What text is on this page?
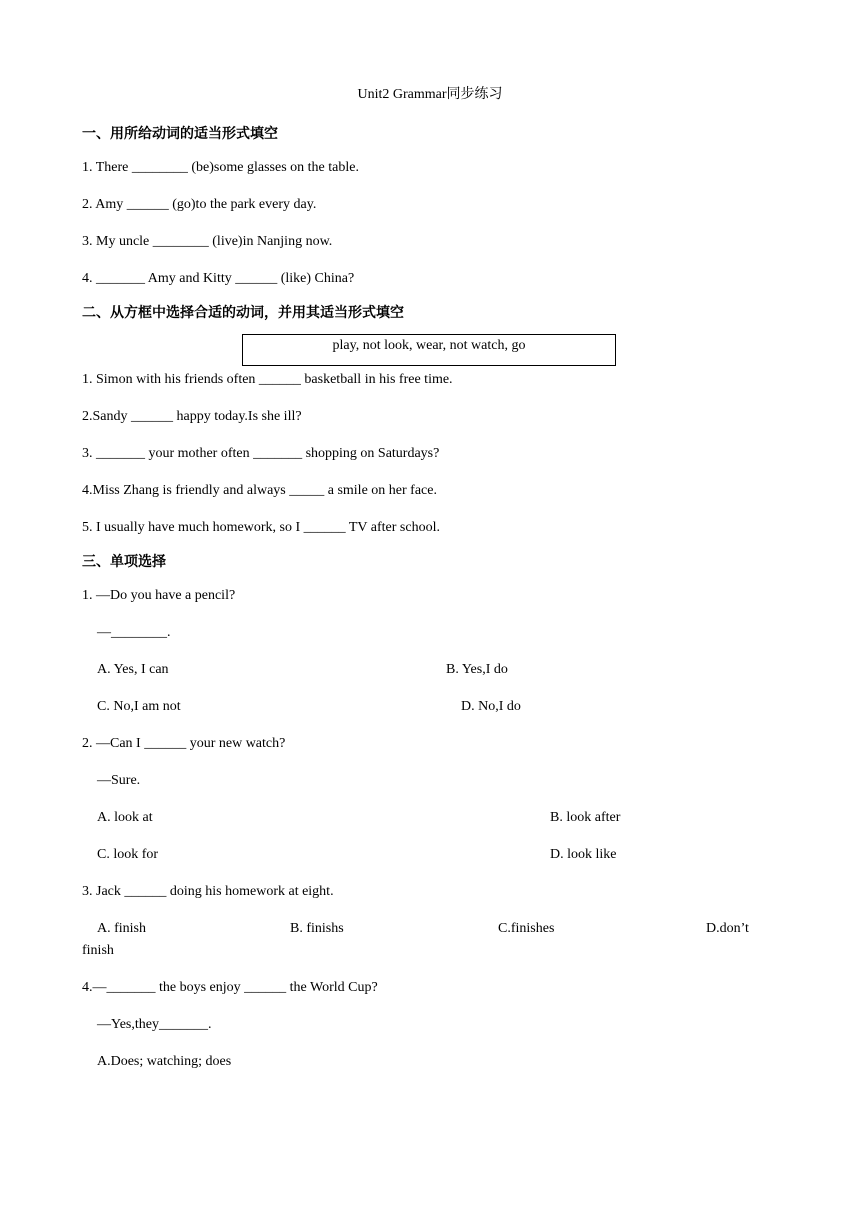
Unit2 Grammar同步练习
一、用所给动词的适当形式填空
1. There ________ (be)some glasses on the table.
2. Amy ______ (go)to the park every day.
3. My uncle ________ (live)in Nanjing now.
4. _______ Amy and Kitty ______ (like) China?
二、从方框中选择合适的动词，并用其适当形式填空
play, not look, wear, not watch, go
1. Simon with his friends often ______ basketball in his free time.
2.Sandy ______ happy today.Is she ill?
3. _______ your mother often _______ shopping on Saturdays?
4.Miss Zhang is friendly and always _____ a smile on her face.
5. I usually have much homework, so I ______ TV after school.
三、单项选择
1. —Do you have a pencil?
—________.
A. Yes, I can	B. Yes,I do
C. No,I am not	D. No,I do
2. —Can I ______ your new watch?
—Sure.
A. look at	B. look after
C. look for	D. look like
3. Jack ______ doing his homework at eight.
A. finish	B. finishs	C.finishes	D.don’t
finish
4.—_______ the boys enjoy ______ the World Cup?
—Yes,they_______.
A.Does; watching; does
